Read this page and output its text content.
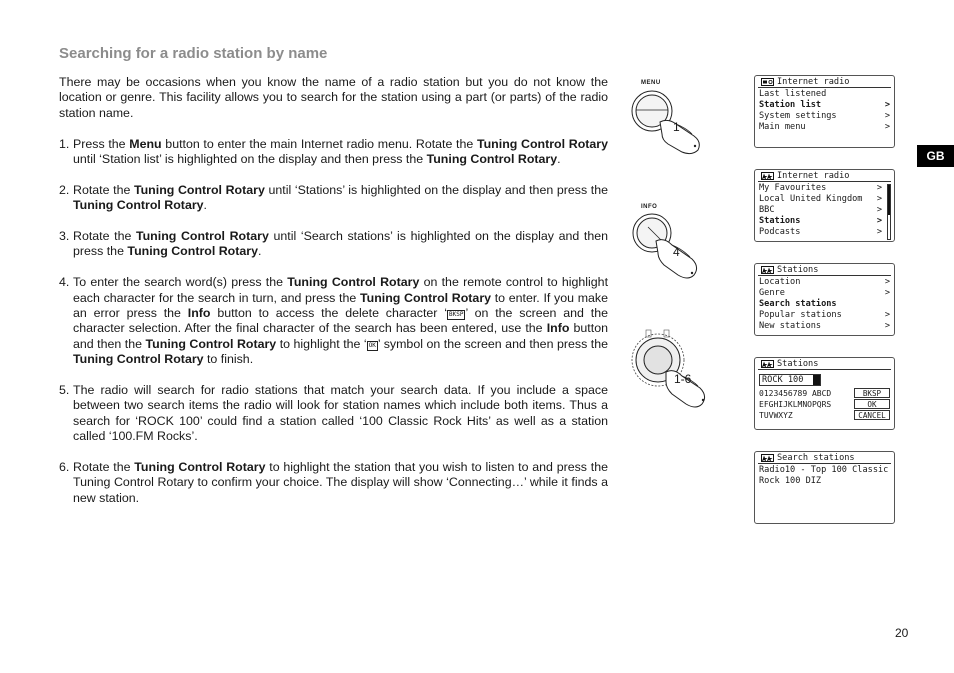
Searching for a radio station by name

There may be occasions when you know the name of a radio station but you do not know the location or genre. This facility allows you to search for the station using a part (or parts) of the radio station name.

1. Press the Menu button to enter the main Internet radio menu. Rotate the Tuning Control Rotary until ‘Station list’ is highlighted on the display and then press the Tuning Control Rotary.

2. Rotate the Tuning Control Rotary until ‘Stations’ is highlighted on the display and then press the Tuning Control Rotary.

3. Rotate the Tuning Control Rotary until ‘Search stations’ is highlighted on the display and then press the Tuning Control Rotary.

4. To enter the search word(s) press the Tuning Control Rotary on the remote control to highlight each character for the search in turn, and press the Tuning Control Rotary to enter. If you make an error press the Info button to access the delete character ‘ BKSP ’ on the screen and the character selection. After the final character of the search has been entered, use the Info button and then the Tuning Control Rotary to highlight the ‘ OK ’ symbol on the screen and then press the Tuning Control Rotary to finish.

5. The radio will search for radio stations that match your search data. If you include a space between two search items the radio will look for station names which include both items. Thus a search for ‘ROCK 100’ could find a station called ‘100 Classic Rock Hits’ as well as a station called ‘100.FM Rocks’.

6. Rotate the Tuning Control Rotary to highlight the station that you wish to listen to and press the Tuning Control Rotary to confirm your choice. The display will show ‘Connecting…’ while it finds a new station.

MENU
1
INFO
4
1-6
Internet radio
Last listened
Station list	>
System settings	>
Main menu	>
Internet radio
My Favourites	>
Local United Kingdom	>
BBC	>
Stations	>
Podcasts	>
Stations
Location	>
Genre	>
Search stations
Popular stations	>
New stations	>
Stations
ROCK 100
0123456789 ABCD	BKSP
EFGHIJKLMNOPQRS	OK
TUVWXYZ	CANCEL
Search stations
Radio10 - Top 100 Classic
Rock 100 DIZ
GB
20
